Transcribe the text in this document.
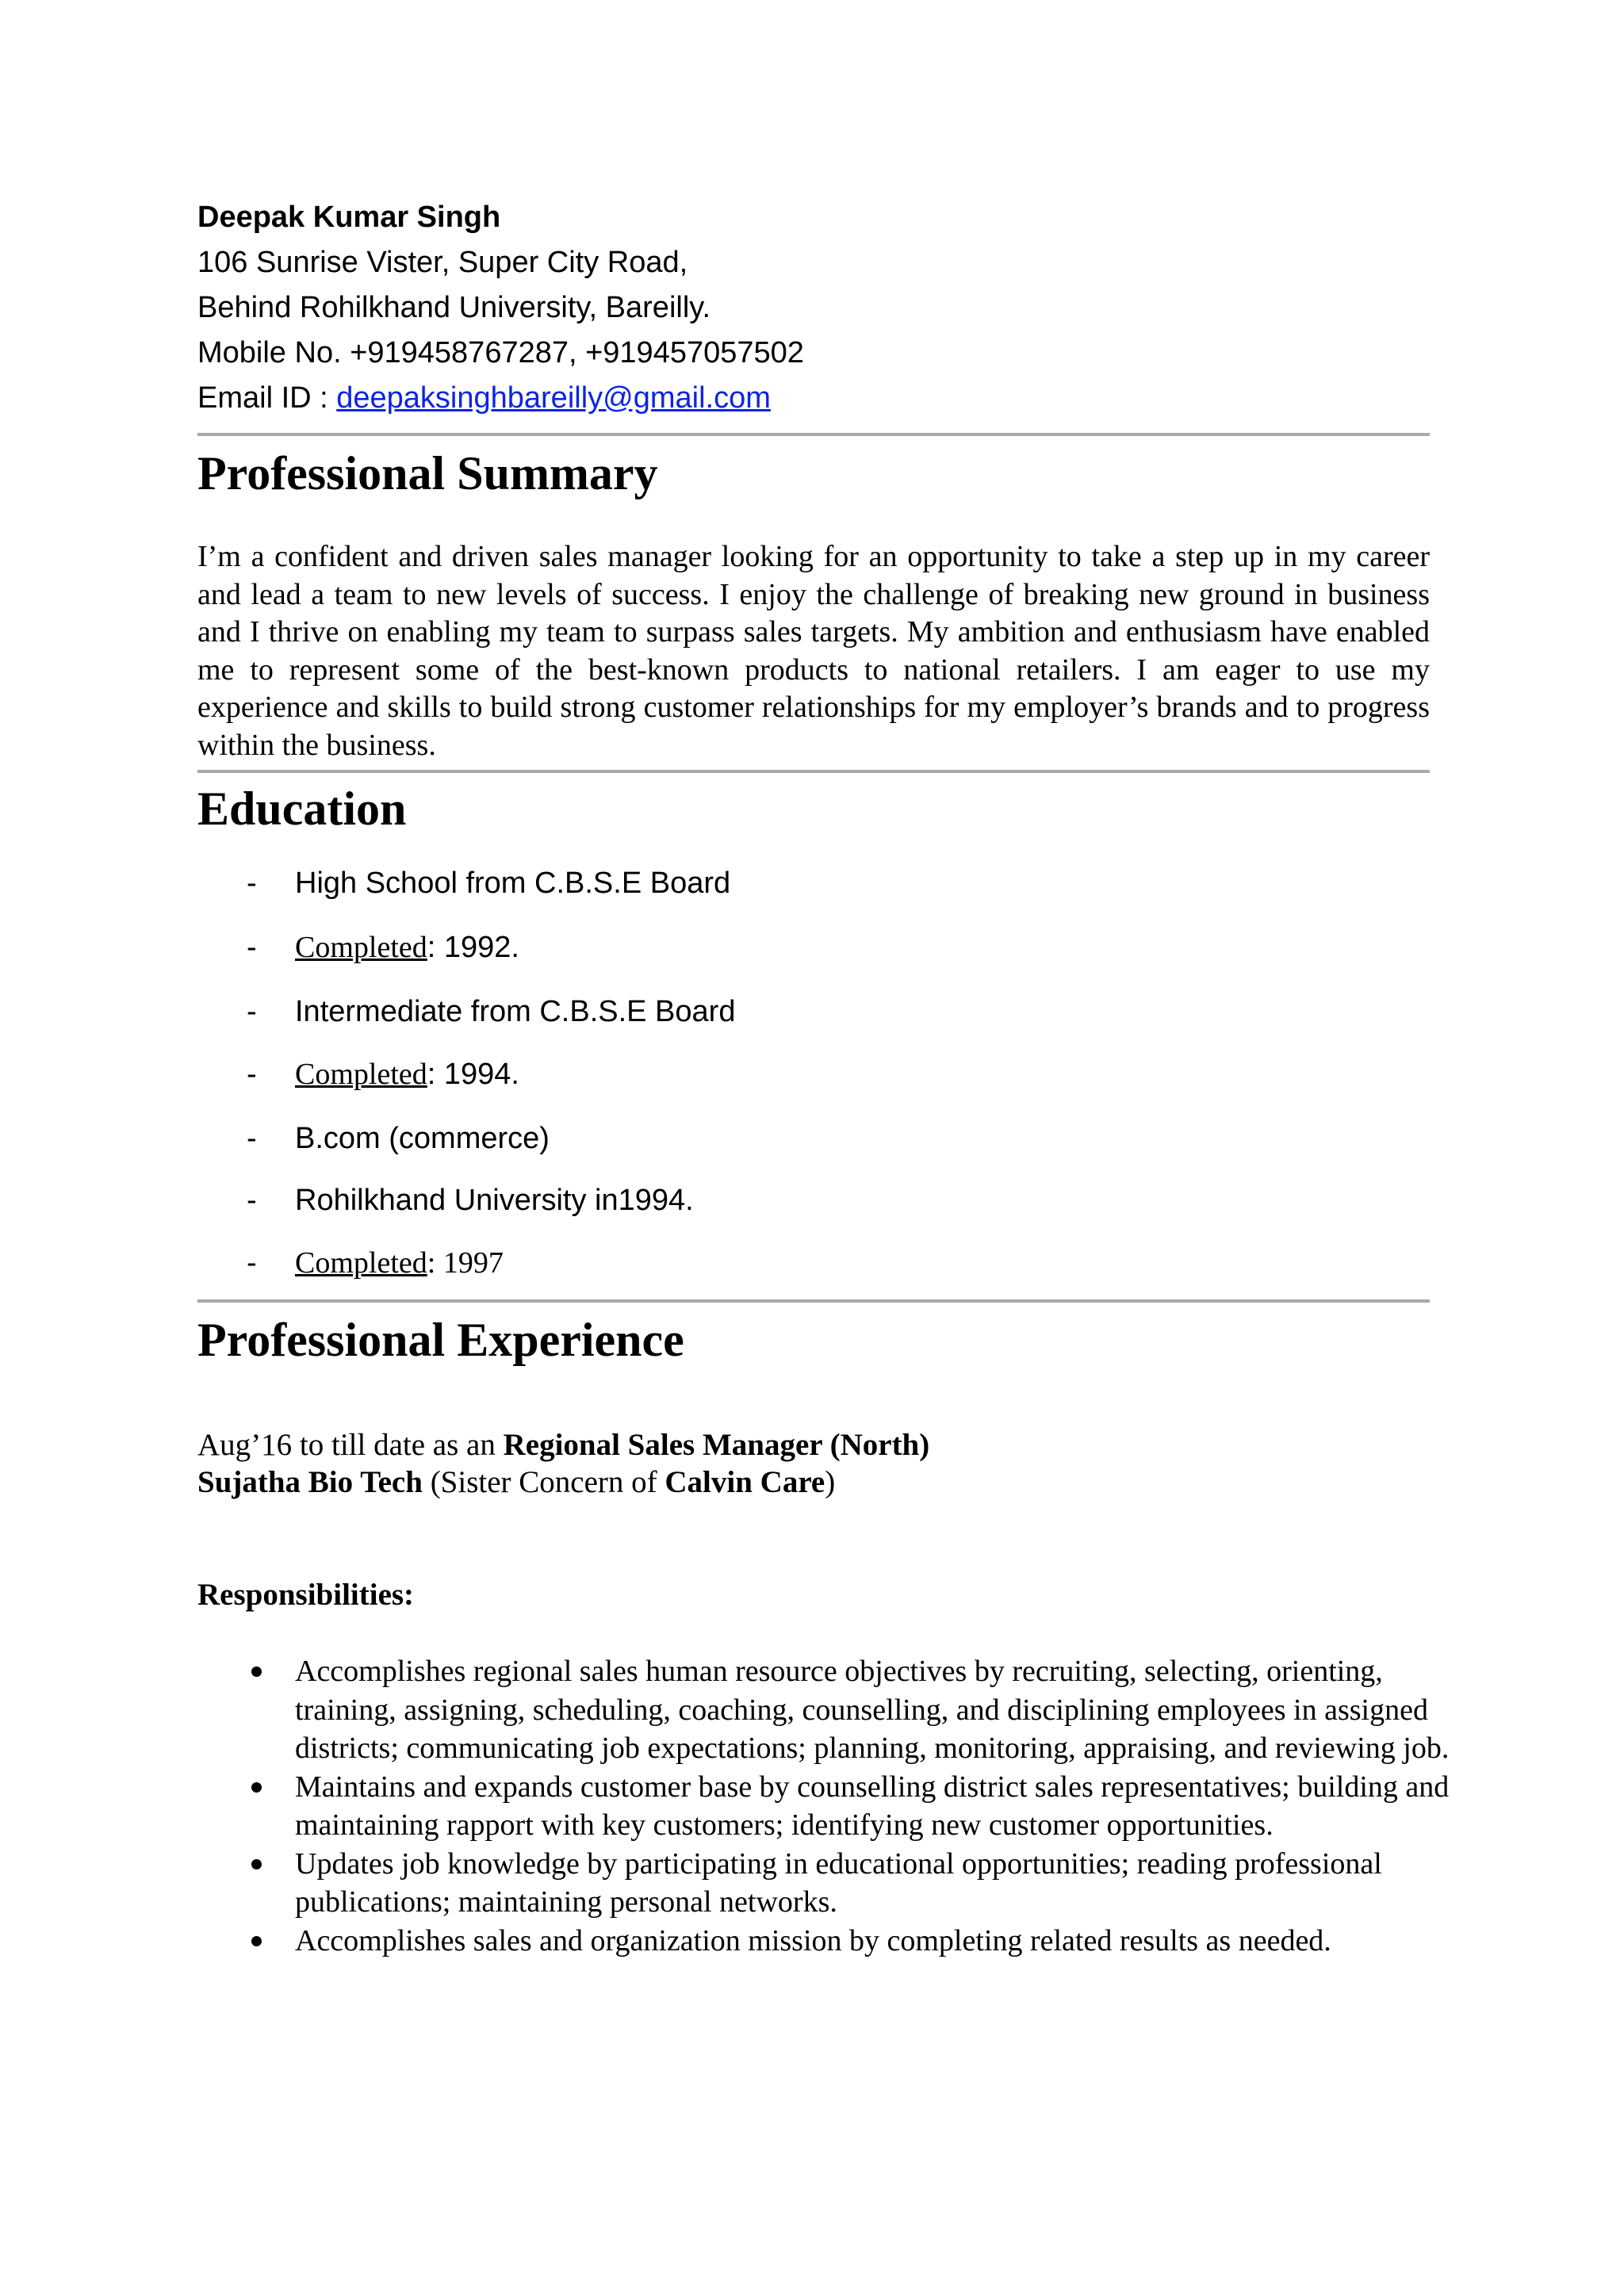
Deepak Kumar Singh
106 Sunrise Vister, Super City Road,
Behind Rohilkhand University, Bareilly.
Mobile No. +919458767287, +919457057502
Email ID : deepaksinghbareilly@gmail.com
Professional Summary
I’m a confident and driven sales manager looking for an opportunity to take a step up in my career and lead a team to new levels of success. I enjoy the challenge of breaking new ground in business and I thrive on enabling my team to surpass sales targets. My ambition and enthusiasm have enabled me to represent some of the best-known products to national retailers. I am eager to use my experience and skills to build strong customer relationships for my employer’s brands and to progress within the business.
Education
- High School from C.B.S.E Board
- Completed: 1992.
- Intermediate from C.B.S.E Board
- Completed: 1994.
- B.com (commerce)
- Rohilkhand University in1994.
- Completed: 1997
Professional Experience
Aug’16 to till date as an Regional Sales Manager (North)
Sujatha Bio Tech (Sister Concern of Calvin Care)
Responsibilities:
Accomplishes regional sales human resource objectives by recruiting, selecting, orienting, training, assigning, scheduling, coaching, counselling, and disciplining employees in assigned districts; communicating job expectations; planning, monitoring, appraising, and reviewing job.
Maintains and expands customer base by counselling district sales representatives; building and maintaining rapport with key customers; identifying new customer opportunities.
Updates job knowledge by participating in educational opportunities; reading professional publications; maintaining personal networks.
Accomplishes sales and organization mission by completing related results as needed.
